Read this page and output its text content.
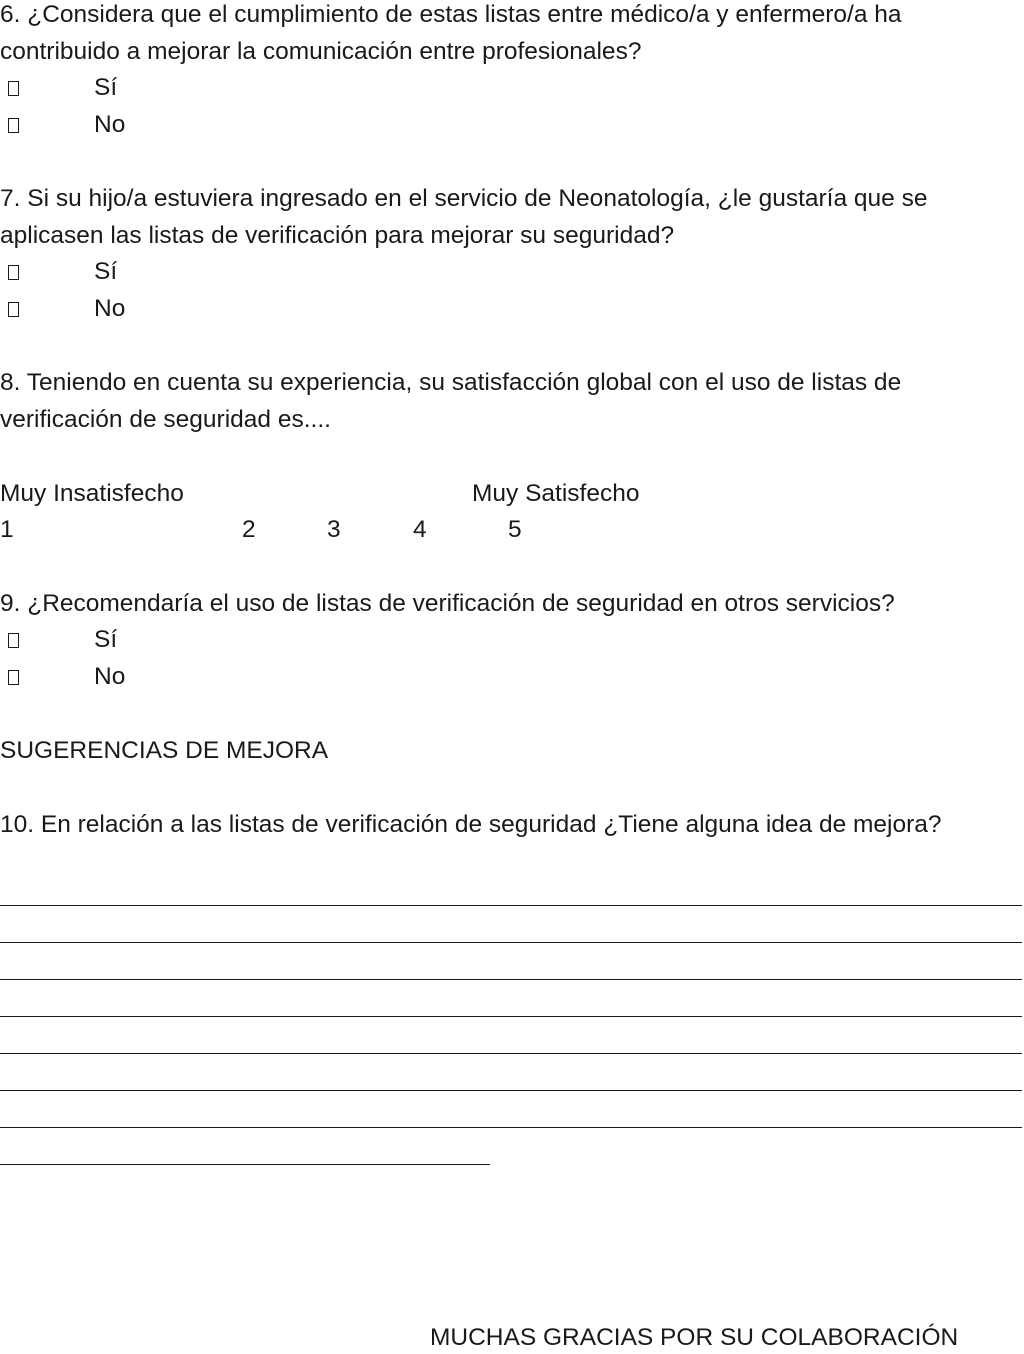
6. ¿Considera que el cumplimiento de estas listas entre médico/a y enfermero/a ha
contribuido a mejorar la comunicación entre profesionales?
Sí
No
7. Si su hijo/a estuviera ingresado en el servicio de Neonatología, ¿le gustaría que se
aplicasen las listas de verificación para mejorar su seguridad?
Sí
No
8. Teniendo en cuenta su experiencia, su satisfacción global con el uso de listas de
verificación de seguridad es....
Muy Insatisfecho	Muy Satisfecho
1	2	3	4	5
9. ¿Recomendaría el uso de listas de verificación de seguridad en otros servicios?
Sí
No
SUGERENCIAS DE MEJORA
10. En relación a las listas de verificación de seguridad ¿Tiene alguna idea de mejora?
MUCHAS GRACIAS POR SU COLABORACIÓN
